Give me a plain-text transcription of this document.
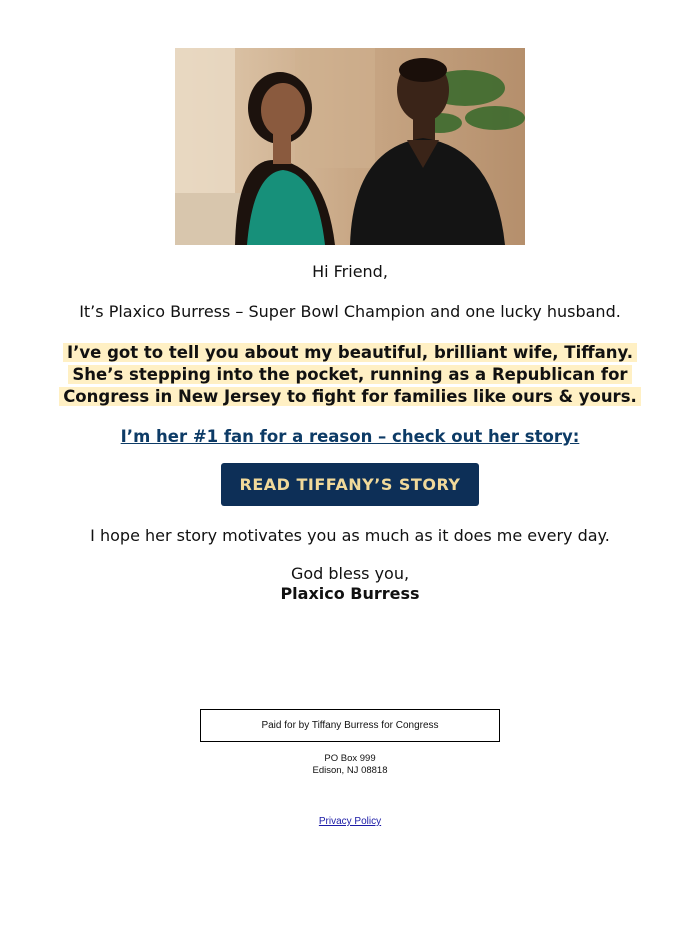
Hi Friend,
It’s Plaxico Burress – Super Bowl Champion and one lucky husband.
I’ve got to tell you about my beautiful, brilliant wife, Tiffany.
She’s stepping into the pocket, running as a Republican for
Congress in New Jersey to fight for families like ours & yours.
I’m her #1 fan for a reason – check out her story:
READ TIFFANY’S STORY
I hope her story motivates you as much as it does me every day.
God bless you,
Plaxico Burress
Paid for by Tiffany Burress for Congress
PO Box 999
Edison, NJ 08818
Privacy Policy
